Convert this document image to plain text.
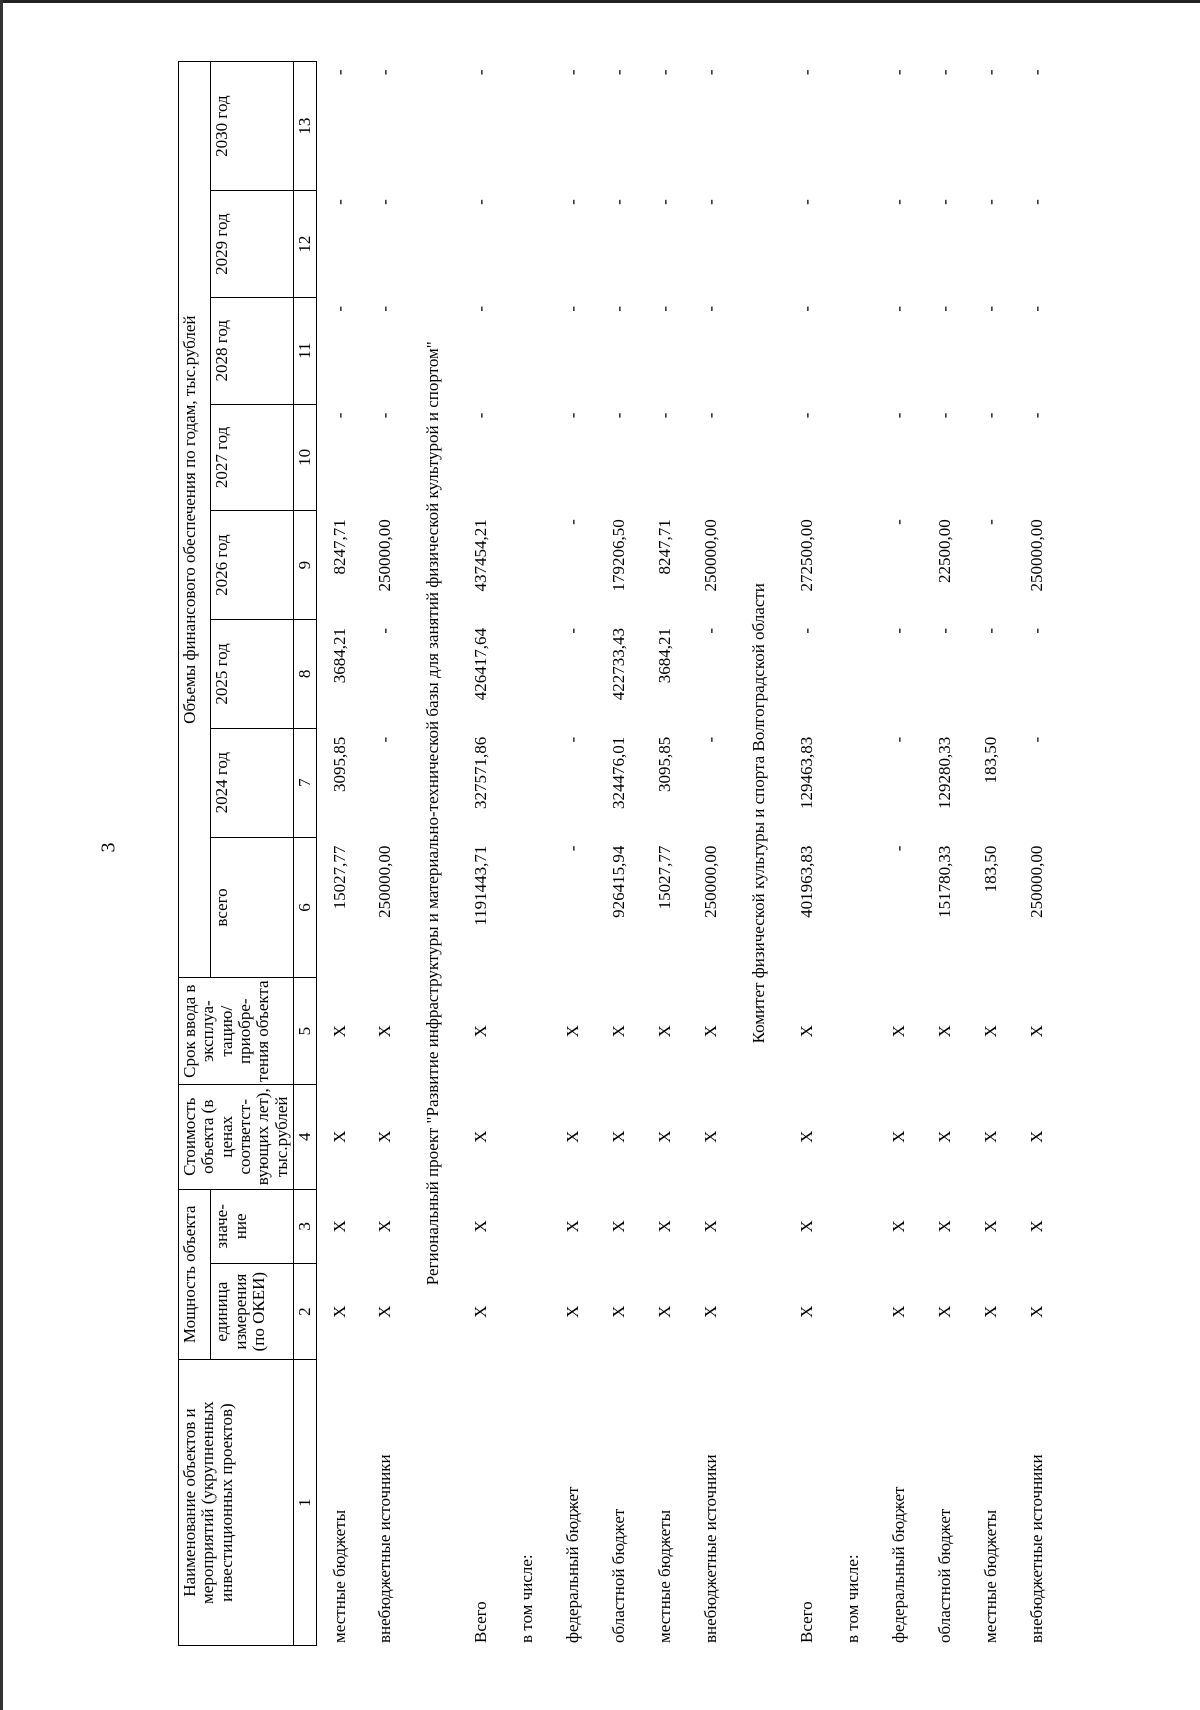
3
Наименование объектов и мероприятий (укрупненных инвестиционных проектов)	Мощность объекта		Стоимость объекта (в ценах соответст-вующих лет), тыс.рублей	Срок ввода в эксплуа-тацию/ приобре-тения объекта	Объемы финансового обеспечения по годам, тыс.рублей							
	единица измерения (по ОКЕИ)	значе-ние			всего	2024 год	2025 год	2026 год	2027 год	2028 год	2029 год	2030 год
1	2	3	4	5	6	7	8	9	10	11	12	13
местные бюджеты	X	X	X	X	15027,77	3095,85	3684,21	8247,71	-	-	-	-
внебюджетные источники	X	X	X	X	250000,00	-	-	250000,00	-	-	-	-
Региональный проект "Развитие инфраструктуры и материально-технической базы для занятий физической культурой и спортом"												
Всего	X	X	X	X	1191443,71	327571,86	426417,64	437454,21	-	-	-	-
в том числе:												
федеральный бюджет	X	X	X	X	-	-	-	-	-	-	-	-
областной бюджет	X	X	X	X	926415,94	324476,01	422733,43	179206,50	-	-	-	-
местные бюджеты	X	X	X	X	15027,77	3095,85	3684,21	8247,71	-	-	-	-
внебюджетные источники	X	X	X	X	250000,00	-	-	250000,00	-	-	-	-
Комитет физической культуры и спорта Волгоградской области												
Всего	X	X	X	X	401963,83	129463,83	-	272500,00	-	-	-	-
в том числе:												
федеральный бюджет	X	X	X	X	-	-	-	-	-	-	-	-
областной бюджет	X	X	X	X	151780,33	129280,33	-	22500,00	-	-	-	-
местные бюджеты	X	X	X	X	183,50	183,50	-	-	-	-	-	-
внебюджетные источники	X	X	X	X	250000,00	-	-	250000,00	-	-	-	-
